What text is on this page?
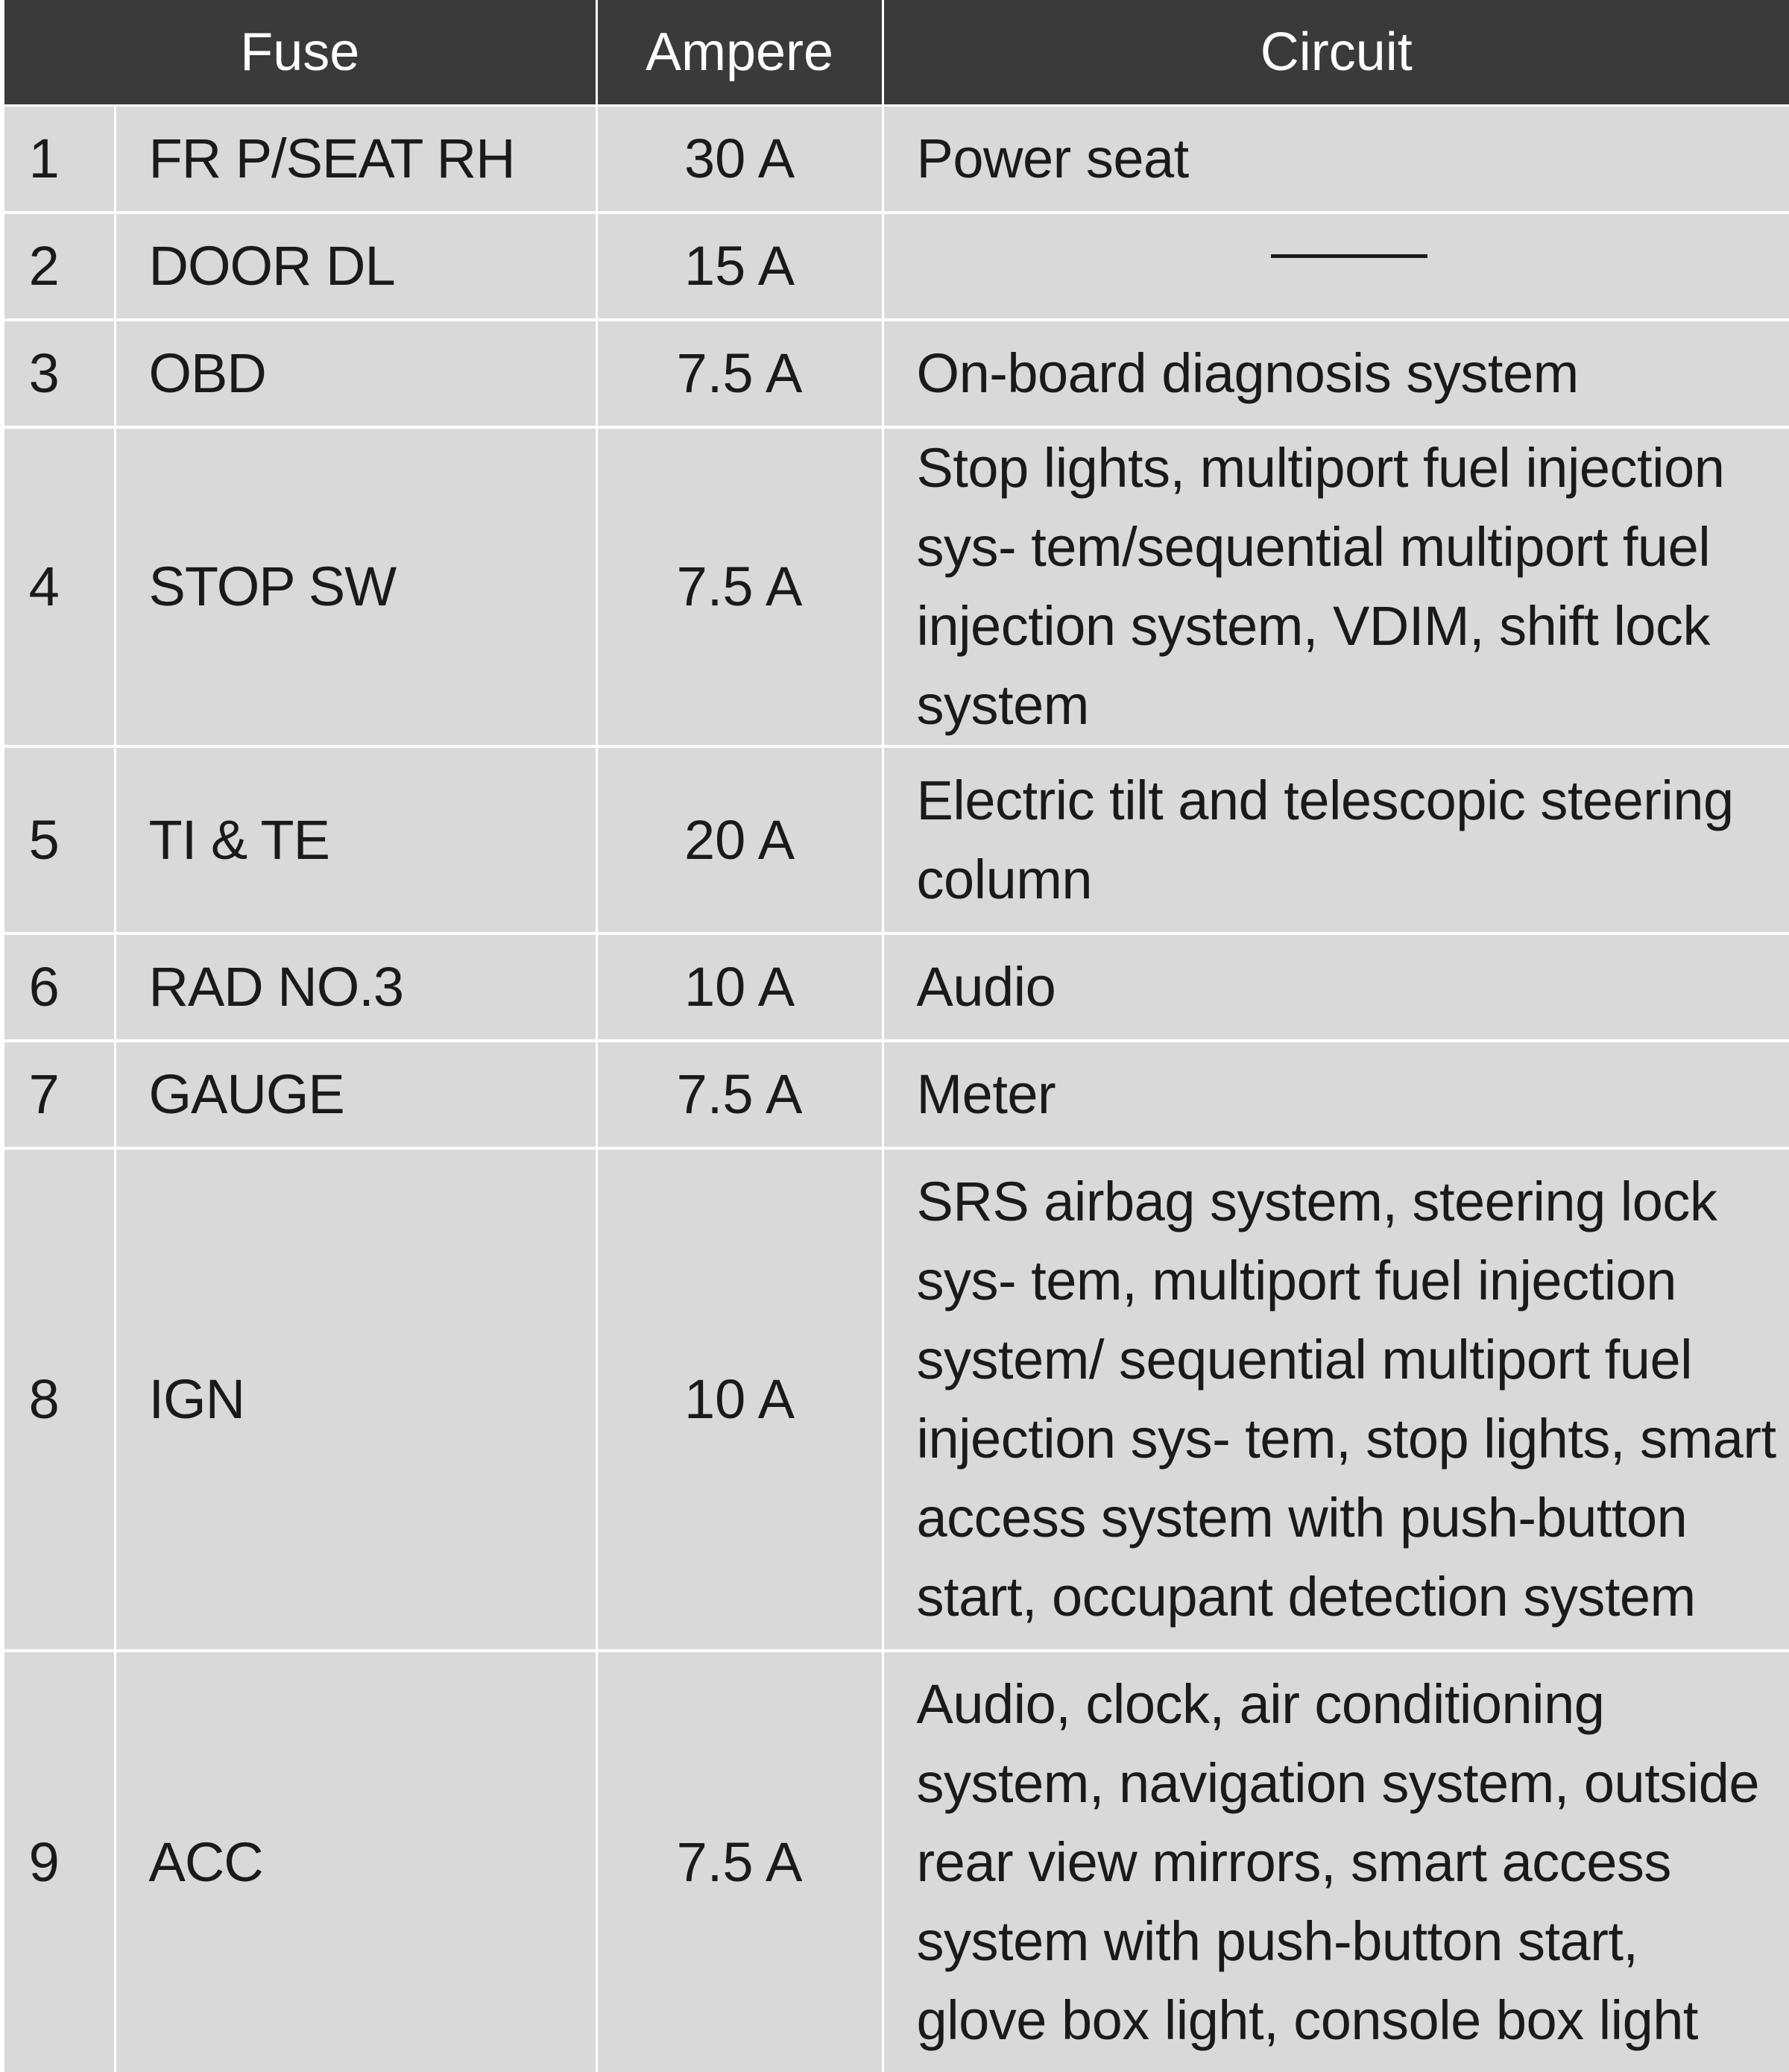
Fuse		Ampere	Circuit
1	FR P/SEAT RH	30 A	Power seat
2	DOOR DL	15 A	

3	OBD	7.5 A	On-board diagnosis system
4	STOP SW	7.5 A	Stop lights, multiport fuel injection sys- tem/sequential multiport fuel injection system, VDIM, shift lock system
5	TI & TE	20 A	Electric tilt and telescopic steering column
6	RAD NO.3	10 A	Audio
7	GAUGE	7.5 A	Meter
8	IGN	10 A	SRS airbag system, steering lock sys- tem, multiport fuel injection system/ sequential multiport fuel injection sys- tem, stop lights, smart access system with push-button start, occupant detection system
9	ACC	7.5 A	Audio, clock, air conditioning system, navigation system, outside rear view mirrors, smart access system with push-button start, glove box light, console box light
